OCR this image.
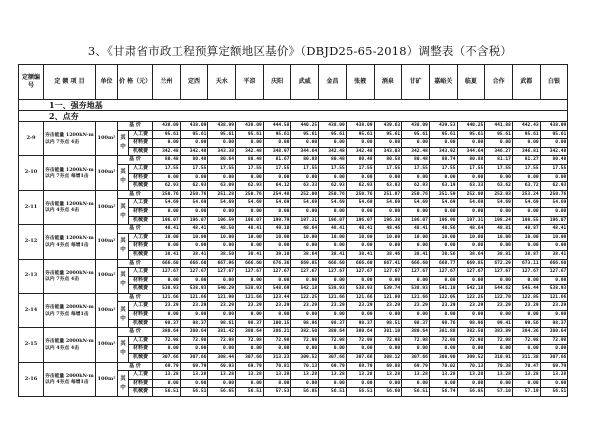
3、《甘肃省市政工程预算定额地区基价》（DBJD25-65-2018）调整表（不含税）
定额编号	定 额 项 目	单位	价 格（元）		兰州	定西	天水	平凉	庆阳	武威	金昌	张掖	酒泉	甘矿	嘉峪关	临夏	合作	武都	白银
1一、强夯地基																			
2、点夯																			
2-9	夯击能量 1200kN·m以内 7夯点 4击	100m²	基 价		438.09	438.09	438.99	438.09	444.58	440.25	438.09	438.09	439.63	438.09	439.53	440.25	441.88	442.43	438.09
			其中	人工费	95.61	95.61	95.61	95.61	95.61	95.61	95.61	95.61	95.61	95.61	95.61	95.61	95.61	95.61	95.61
				材料费	0.00	0.00	0.00	0.00	0.00	0.00	0.00	0.00	0.00	0.00	0.00	0.00	0.00	0.00	0.00
				机械费	342.48	342.48	343.38	342.48	348.97	344.64	342.48	342.48	343.03	342.48	343.92	344.64	346.27	346.81	342.48
2-10	夯击能量 1200kN·m以内 7夯点 每增1击	100m²	基 价		80.48	80.48	80.64	80.48	81.67	80.88	80.48	80.48	80.58	80.48	80.74	80.88	81.17	81.27	80.48
			其中	人工费	17.55	17.55	17.55	17.55	17.55	17.55	17.55	17.55	17.55	17.55	17.55	17.55	17.55	17.55	17.55
				材料费	0.00	0.00	0.00	0.00	0.00	0.00	0.00	0.00	0.00	0.00	0.00	0.00	0.00	0.00	0.00
				机械费	62.93	62.93	63.09	62.93	64.12	63.33	62.93	62.93	63.03	62.93	63.19	63.33	63.62	63.72	62.93
2-11	夯击能量 1200kN·m以内 4夯点 4击	100m²	基 价		250.76	250.76	251.28	250.76	254.48	252.00	250.76	250.76	251.07	250.76	251.59	252.00	252.93	253.24	250.76
			其中	人工费	54.69	54.69	54.69	54.69	54.69	54.69	54.69	54.69	54.69	54.69	54.69	54.69	54.69	54.69	54.69
				材料费	0.00	0.00	0.00	0.00	0.00	0.00	0.00	0.00	0.00	0.00	0.00	0.00	0.00	0.00	0.00
				机械费	196.07	196.07	196.59	196.07	199.79	197.31	196.07	196.07	196.38	196.07	196.90	197.31	198.24	198.55	196.07
2-12	夯击能量 1200kN·m以内 4夯点 每增1击	100m²	基 价		48.41	48.41	48.50	48.41	49.10	48.64	48.41	48.41	48.46	48.41	48.56	48.64	48.81	48.87	48.41
			其中	人工费	10.00	10.00	10.00	10.00	10.00	10.00	10.00	10.00	10.00	10.00	10.00	10.00	10.00	10.00	10.00
				材料费	0.00	0.00	0.00	0.00	0.00	0.00	0.00	0.00	0.00	0.00	0.00	0.00	0.00	0.00	0.00
				机械费	38.41	38.41	38.50	38.41	39.10	38.64	38.41	38.41	38.46	38.41	38.56	38.64	38.81	38.87	38.41
2-13	夯击能量 2000kN·m以内 7夯点 4击	100m²	基 价		666.60	666.60	667.96	666.60	676.36	669.85	666.60	666.60	667.41	666.60	668.77	669.85	672.29	673.11	666.60
			其中	人工费	127.67	127.67	127.67	127.67	127.67	127.67	127.67	127.67	127.67	127.67	127.67	127.67	127.67	127.67	127.67
				材料费	0.00	0.00	0.00	0.00	0.00	0.00	0.00	0.00	0.00	0.00	0.00	0.00	0.00	0.00	0.00
				机械费	538.93	538.93	540.29	538.93	548.69	542.18	538.93	538.93	539.74	538.93	541.10	542.18	544.62	545.44	538.93
2-14	夯击能量 2000kN·m以内 7夯点 每增1击	100m²	基 价		121.66	121.66	121.90	121.66	123.44	122.25	121.66	121.66	121.80	121.66	122.05	122.25	122.70	122.85	121.66
			其中	人工费	23.29	23.29	23.29	23.29	23.29	23.29	23.29	23.29	23.29	23.29	23.29	23.29	23.29	23.29	23.29
				材料费	0.00	0.00	0.00	0.00	0.00	0.00	0.00	0.00	0.00	0.00	0.00	0.00	0.00	0.00	0.00
				机械费	98.37	98.37	98.61	98.37	100.15	98.96	98.37	98.37	98.51	98.37	98.76	98.96	99.41	99.56	98.37
2-15	夯击能量 2000kN·m以内 4夯点 4击	100m²	基 价		380.64	380.64	381.42	380.64	386.21	382.50	380.64	380.64	381.10	380.64	381.88	382.50	383.89	384.36	380.64
			其中	人工费	72.98	72.98	72.98	72.98	72.98	72.98	72.98	72.98	72.98	72.98	72.98	72.98	72.98	72.98	72.98
				材料费	0.00	0.00	0.00	0.00	0.00	0.00	0.00	0.00	0.00	0.00	0.00	0.00	0.00	0.00	0.00
				机械费	307.66	307.66	308.44	307.66	313.23	309.52	307.66	307.66	308.12	307.66	308.90	309.52	310.91	311.38	307.66
2-16	夯击能量 2000kN·m以内 4夯点 每增1击	100m²	基 价		69.79	69.79	69.93	69.79	70.81	70.13	69.79	69.79	69.88	69.79	70.02	70.13	70.38	70.47	69.79
			其中	人工费	13.28	13.28	13.28	13.28	13.28	13.28	13.28	13.28	13.28	13.28	13.28	13.28	13.28	13.28	13.28
				材料费	0.00	0.00	0.00	0.00	0.00	0.00	0.00	0.00	0.00	0.00	0.00	0.00	0.00	0.00	0.00
				机械费	56.51	56.51	56.65	56.51	57.53	56.85	56.51	56.51	56.60	56.51	56.74	56.85	57.10	57.19	56.51
